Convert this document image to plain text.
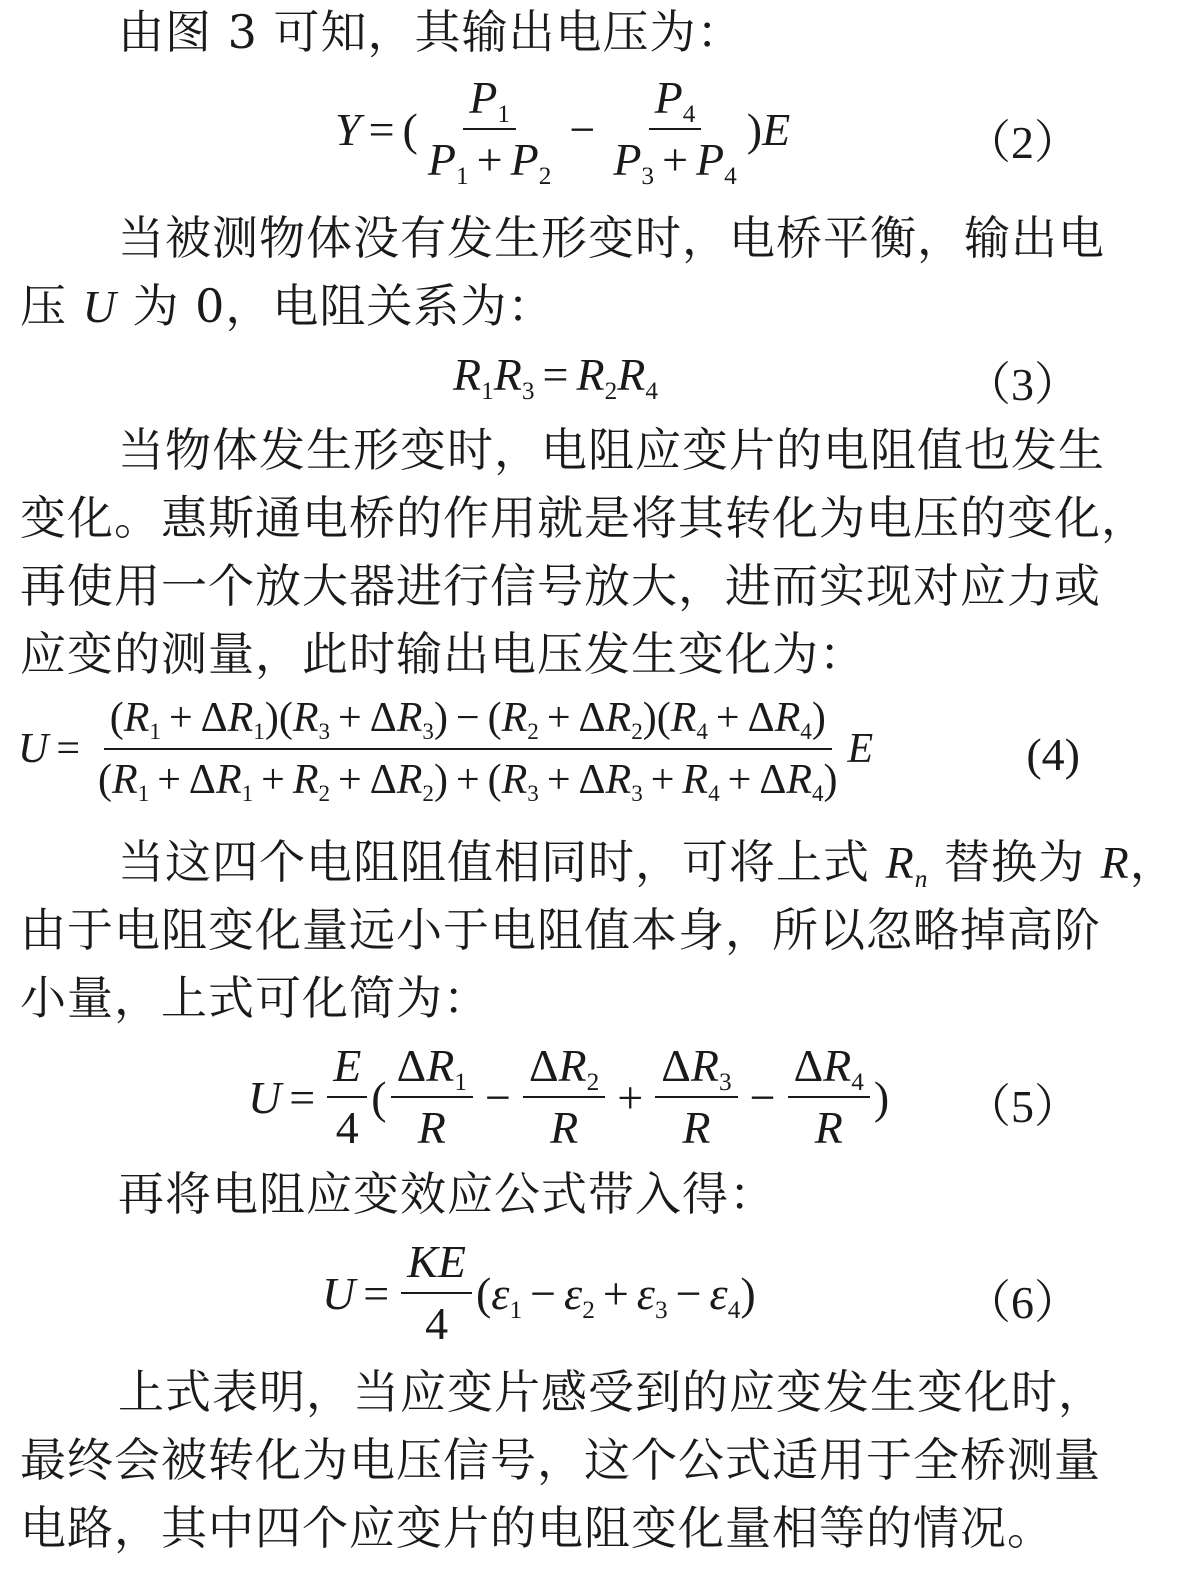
由图 3 可知，其输出电压为：
Y = ( $\frac{P_1}{P_1 + P_2} - \frac{P_4}{P_3 + P_4}$ ) E	（2）
当被测物体没有发生形变时，电桥平衡，输出电
压 U 为 0，电阻关系为：
$R_1R_3 = R_2R_4$	（3）
当物体发生形变时，电阻应变片的电阻值也发生
变化。惠斯通电桥的作用就是将其转化为电压的变化，
再使用一个放大器进行信号放大，进而实现对应力或
应变的测量，此时输出电压发生变化为：
$U = \frac{(R_1 + \Delta R_1)(R_3 + \Delta R_3) - (R_2 + \Delta R_2)(R_4 + \Delta R_4)}{(R_1 + \Delta R_1 + R_2 + \Delta R_2) + (R_3 + \Delta R_3 + R_4 + \Delta R_4)}$ E	(4)
当这四个电阻阻值相同时，可将上式 $R_n$ 替换为 R，
由于电阻变化量远小于电阻值本身，所以忽略掉高阶
小量，上式可化简为：
$U = \frac{E}{4}$ ( $\frac{\Delta R_1}{R} - \frac{\Delta R_2}{R} + \frac{\Delta R_3}{R} - \frac{\Delta R_4}{R}$ ) （5）
再将电阻应变效应公式带入得：
$U = \frac{KE}{4}$ ( $\varepsilon_1 - \varepsilon_2 + \varepsilon_3 - \varepsilon_4$ )	（6）
上式表明，当应变片感受到的应变发生变化时，
最终会被转化为电压信号，这个公式适用于全桥测量
电路，其中四个应变片的电阻变化量相等的情况。
